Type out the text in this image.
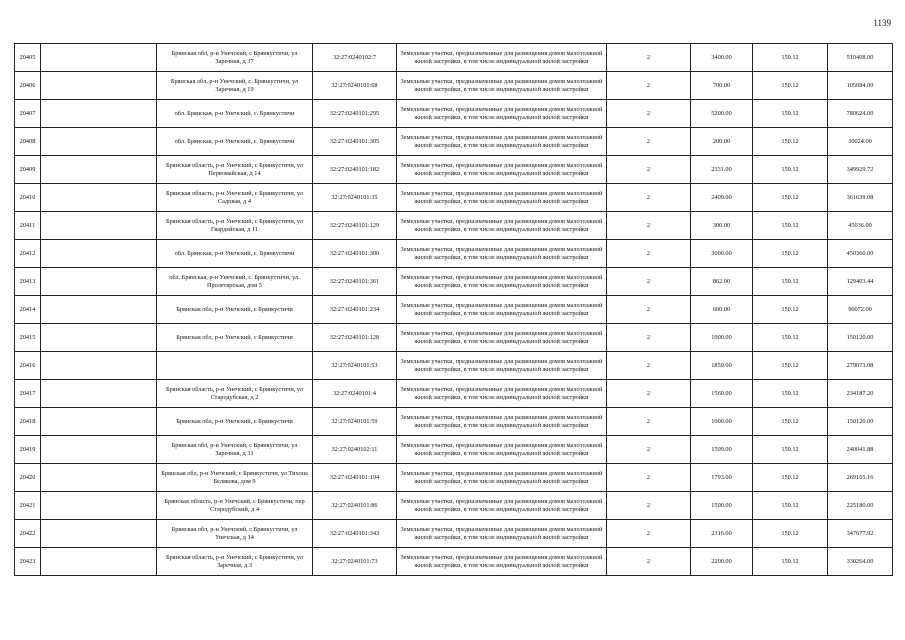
1139
20405		Брянская обл, р-н Унечский, с Брянкустичи, ул Заречная, д 37	32:27:0240102:7	Земельные участки, предназначенные для размещения домов малоэтажной жилой застройки, в том числе индивидуальной жилой застройки	2	3400.00	150.12	510408.00
20406		Брянская обл, р-н Унечский, с. Брянкустичи, ул Заречная, д 19	32:27:0240101:68	Земельные участки, предназначенные для размещения домов малоэтажной жилой застройки, в том числе индивидуальной жилой застройки	2	700.00	150.12	105084.00
20407		обл. Брянская, р-н Унечский, с. Брянкустичи	32:27:0240101:295	Земельные участки, предназначенные для размещения домов малоэтажной жилой застройки, в том числе индивидуальной жилой застройки	2	5200.00	150.12	780624.00
20408		обл. Брянская, р-н Унечский, с. Брянкустичи	32:27:0240101:305	Земельные участки, предназначенные для размещения домов малоэтажной жилой застройки, в том числе индивидуальной жилой застройки	2	200.00	150.12	30024.00
20409		Брянская область, р-н Унечский, с Брянкустичи, ул Первомайская, д 14	32:27:0240101:182	Земельные участки, предназначенные для размещения домов малоэтажной жилой застройки, в том числе индивидуальной жилой застройки	2	2331.00	150.12	349929.72
20410		Брянская область, р-н Унечский, с Брянкустичи, ул Садовая, д 4	32:27:0240101:35	Земельные участки, предназначенные для размещения домов малоэтажной жилой застройки, в том числе индивидуальной жилой застройки	2	2409.00	150.12	361639.08
20411		Брянская область, р-н Унечский, с Брянкустичи, ул Гвардейская, д 11	32:27:0240101:129	Земельные участки, предназначенные для размещения домов малоэтажной жилой застройки, в том числе индивидуальной жилой застройки	2	300.00	150.12	45036.00
20412		обл. Брянская, р-н Унечский, с. Брянкустичи	32:27:0240101:300	Земельные участки, предназначенные для размещения домов малоэтажной жилой застройки, в том числе индивидуальной жилой застройки	2	3000.00	150.12	450360.00
20413		обл. Брянская, р-н Унечский, с. Брянкустичи, ул. Пролетарская, дом 5	32:27:0240101:361	Земельные участки, предназначенные для размещения домов малоэтажной жилой застройки, в том числе индивидуальной жилой застройки	2	862.00	150.12	129403.44
20414		Брянская обл, р-н Унечский, с Брянкустичи	32:27:0240101:234	Земельные участки, предназначенные для размещения домов малоэтажной жилой застройки, в том числе индивидуальной жилой застройки	2	600.00	150.12	90072.00
20415		Брянская обл, р-н Унечский, с Брянкустичи	32:27:0240101:128	Земельные участки, предназначенные для размещения домов малоэтажной жилой застройки, в том числе индивидуальной жилой застройки	2	1000.00	150.12	150120.00
20416			32:27:0240101:53	Земельные участки, предназначенные для размещения домов малоэтажной жилой застройки, в том числе индивидуальной жилой застройки	2	1859.00	150.12	279073.08
20417		Брянская область, р-н Унечский, с Брянкустичи, ул Стародубская, д 2	32:27:0240101:4	Земельные участки, предназначенные для размещения домов малоэтажной жилой застройки, в том числе индивидуальной жилой застройки	2	1560.00	150.12	234187.20
20418		Брянская обл, р-н Унечский, с Брянкустичи	32:27:0240101:59	Земельные участки, предназначенные для размещения домов малоэтажной жилой застройки, в том числе индивидуальной жилой застройки	2	1000.00	150.12	150120.00
20419		Брянская обл, р-н Унечский, с Брянкустичи, ул Заречная, д 31	32:27:0240102:11	Земельные участки, предназначенные для размещения домов малоэтажной жилой застройки, в том числе индивидуальной жилой застройки	2	1599.00	150.12	240041.88
20420		Брянская обл, р-н Унечский, с Брянкустичи, ул Тихона Белякова, дом 9	32:27:0240101:194	Земельные участки, предназначенные для размещения домов малоэтажной жилой застройки, в том числе индивидуальной жилой застройки	2	1793.00	150.12	269165.16
20421		Брянская область, р-н Унечский, с Брянкустичи, пер Стародубский, д 4	32:27:0240101:86	Земельные участки, предназначенные для размещения домов малоэтажной жилой застройки, в том числе индивидуальной жилой застройки	2	1500.00	150.12	225180.00
20422		Брянская обл, р-н Унечский, с Брянкустичи, ул Унечская, д 14	32:27:0240101:343	Земельные участки, предназначенные для размещения домов малоэтажной жилой застройки, в том числе индивидуальной жилой застройки	2	2316.00	150.12	347677.92
20423		Брянская область, р-н Унечский, с Брянкустичи, ул Заречная, д 3	32:27:0240101:73	Земельные участки, предназначенные для размещения домов малоэтажной жилой застройки, в том числе индивидуальной жилой застройки	2	2200.00	150.12	330264.00
